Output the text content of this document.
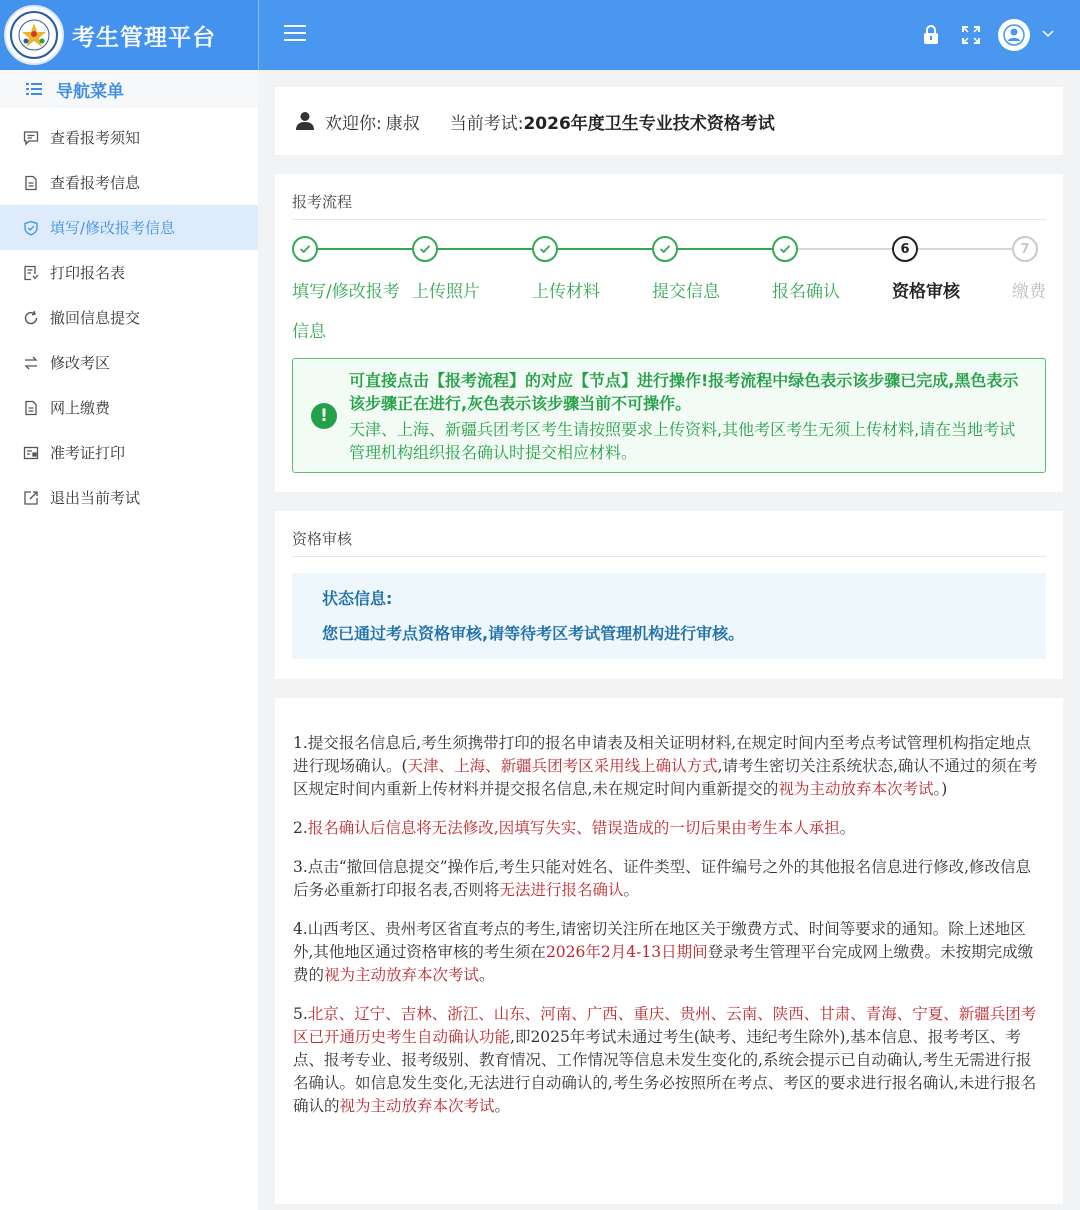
考生管理平台
导航菜单
查看报考须知
查看报考信息
填写/修改报考信息
打印报名表
撤回信息提交
修改考区
网上缴费
准考证打印
退出当前考试
欢迎你: 康叔 当前考试: 2026年度卫生专业技术资格考试
报考流程
填写/修改报考信息
上传照片	上传材料	提交信息	报名确认
6
资格审核
7
缴费
!
可直接点击【报考流程】的对应【节点】进行操作!报考流程中绿色表示该步骤已完成,黑色表示该步骤正在进行,灰色表示该步骤当前不可操作。
天津、上海、新疆兵团考区考生请按照要求上传资料,其他考区考生无须上传材料,请在当地考试管理机构组织报名确认时提交相应材料。
资格审核
状态信息:
您已通过考点资格审核,请等待考区考试管理机构进行审核。

1.提交报名信息后,考生须携带打印的报名申请表及相关证明材料,在规定时间内至考点考试管理机构指定地点进行现场确认。(天津、上海、新疆兵团考区采用线上确认方式,请考生密切关注系统状态,确认不通过的须在考区规定时间内重新上传材料并提交报名信息,未在规定时间内重新提交的视为主动放弃本次考试。)

2.报名确认后信息将无法修改,因填写失实、错误造成的一切后果由考生本人承担。

3.点击“撤回信息提交”操作后,考生只能对姓名、证件类型、证件编号之外的其他报名信息进行修改,修改信息后务必重新打印报名表,否则将无法进行报名确认。

4.山西考区、贵州考区省直考点的考生,请密切关注所在地区关于缴费方式、时间等要求的通知。除上述地区外,其他地区通过资格审核的考生须在2026年2月4-13日期间登录考生管理平台完成网上缴费。未按期完成缴费的视为主动放弃本次考试。

5.北京、辽宁、吉林、浙江、山东、河南、广西、重庆、贵州、云南、陕西、甘肃、青海、宁夏、新疆兵团考区已开通历史考生自动确认功能,即2025年考试未通过考生(缺考、违纪考生除外),基本信息、报考考区、考点、报考专业、报考级别、教育情况、工作情况等信息未发生变化的,系统会提示已自动确认,考生无需进行报名确认。如信息发生变化,无法进行自动确认的,考生务必按照所在考点、考区的要求进行报名确认,未进行报名确认的视为主动放弃本次考试。
